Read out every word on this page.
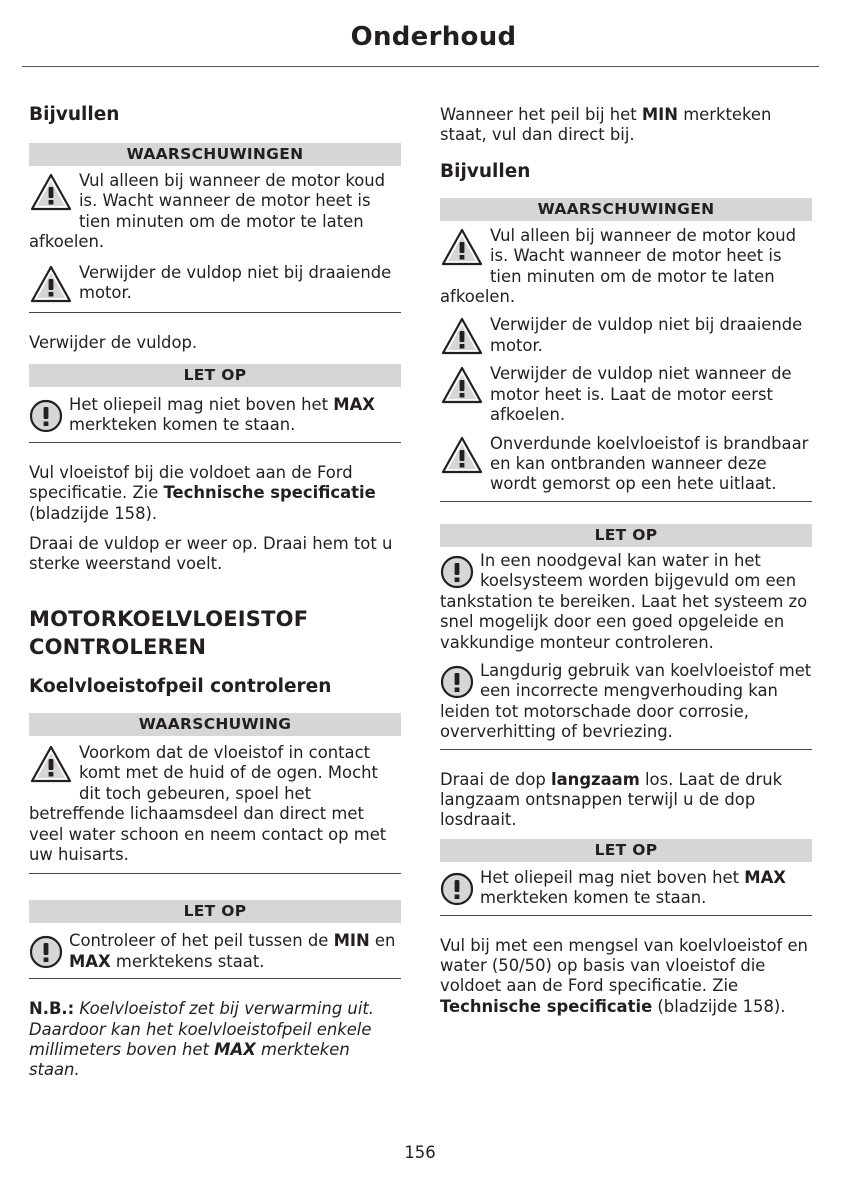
Onderhoud
Bijvullen
WAARSCHUWINGEN

Vul alleen bij wanneer de motor koud is. Wacht wanneer de motor heet is tien minuten om de motor te laten afkoelen.

Verwijder de vuldop niet bij draaiende motor.

Verwijder de vuldop.

LET OP

Het oliepeil mag niet boven het MAX merkteken komen te staan.

Vul vloeistof bij die voldoet aan de Ford specificatie. Zie Technische specificatie (bladzijde 158).

Draai de vuldop er weer op. Draai hem tot u sterke weerstand voelt.

MOTORKOELVLOEISTOF
CONTROLEREN
Koelvloeistofpeil controleren
WAARSCHUWING

Voorkom dat de vloeistof in contact komt met de huid of de ogen. Mocht dit toch gebeuren, spoel het betreffende lichaamsdeel dan direct met veel water schoon en neem contact op met uw huisarts.

LET OP

Controleer of het peil tussen de MIN en MAX merktekens staat.

N.B.: Koelvloeistof zet bij verwarming uit. Daardoor kan het koelvloeistofpeil enkele millimeters boven het MAX merkteken staan.

Wanneer het peil bij het MIN merkteken staat, vul dan direct bij.

Bijvullen
WAARSCHUWINGEN

Vul alleen bij wanneer de motor koud is. Wacht wanneer de motor heet is tien minuten om de motor te laten afkoelen.

Verwijder de vuldop niet bij draaiende motor.

Verwijder de vuldop niet wanneer de motor heet is. Laat de motor eerst afkoelen.

Onverdunde koelvloeistof is brandbaar en kan ontbranden wanneer deze wordt gemorst op een hete uitlaat.

LET OP

In een noodgeval kan water in het koelsysteem worden bijgevuld om een tankstation te bereiken. Laat het systeem zo snel mogelijk door een goed opgeleide en vakkundige monteur controleren.

Langdurig gebruik van koelvloeistof met een incorrecte mengverhouding kan leiden tot motorschade door corrosie, oververhitting of bevriezing.

Draai de dop langzaam los. Laat de druk langzaam ontsnappen terwijl u de dop losdraait.

LET OP

Het oliepeil mag niet boven het MAX merkteken komen te staan.

Vul bij met een mengsel van koelvloeistof en water (50/50) op basis van vloeistof die voldoet aan de Ford specificatie. Zie Technische specificatie (bladzijde 158).

156
